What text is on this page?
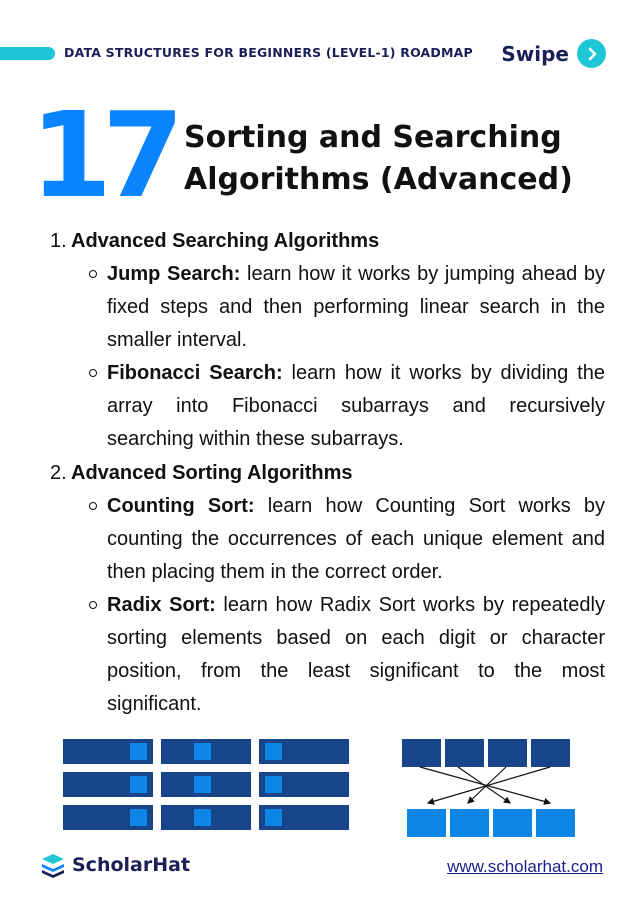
DATA STRUCTURES FOR BEGINNERS (LEVEL-1) ROADMAP Swipe
17 Sorting and Searching
Algorithms (Advanced)
1. Advanced Searching Algorithms
Jump Search: learn how it works by jumping ahead by fixed steps and then performing linear search in the smaller interval.
Fibonacci Search: learn how it works by dividing the array into Fibonacci subarrays and recursively searching within these subarrays.
2. Advanced Sorting Algorithms
Counting Sort: learn how Counting Sort works by counting the occurrences of each unique element and then placing them in the correct order.
Radix Sort: learn how Radix Sort works by repeatedly sorting elements based on each digit or character position, from the least significant to the most significant.
ScholarHat	www.scholarhat.com
